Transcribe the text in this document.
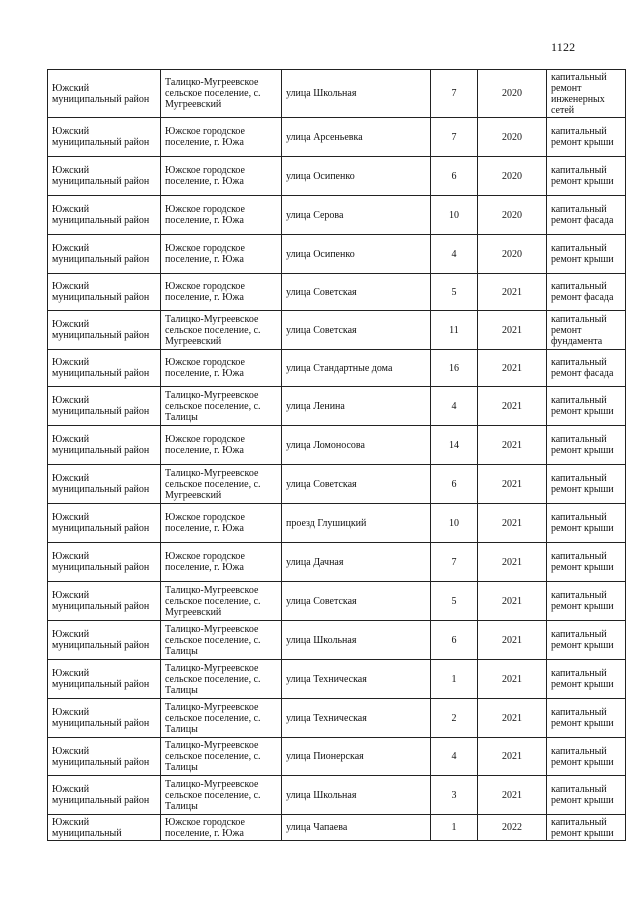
1122
Южский муниципальный район	Талицко-Мугреевское сельское поселение, с. Мугреевский	улица Школьная	7	2020	капитальный ремонт инженерных сетей

Южский муниципальный район	Южское городское поселение, г. Южа	улица Арсеньевка	7	2020	капитальный ремонт крыши

Южский муниципальный район	Южское городское поселение, г. Южа	улица Осипенко	6	2020	капитальный ремонт крыши

Южский муниципальный район	Южское городское поселение, г. Южа	улица Серова	10	2020	капитальный ремонт фасада

Южский муниципальный район	Южское городское поселение, г. Южа	улица Осипенко	4	2020	капитальный ремонт крыши

Южский муниципальный район	Южское городское поселение, г. Южа	улица Советская	5	2021	капитальный ремонт фасада

Южский муниципальный район	Талицко-Мугреевское сельское поселение, с. Мугреевский	улица Советская	11	2021	капитальный ремонт фундамента

Южский муниципальный район	Южское городское поселение, г. Южа	улица Стандартные дома	16	2021	капитальный ремонт фасада

Южский муниципальный район	Талицко-Мугреевское сельское поселение, с. Талицы	улица Ленина	4	2021	капитальный ремонт крыши

Южский муниципальный район	Южское городское поселение, г. Южа	улица Ломоносова	14	2021	капитальный ремонт крыши

Южский муниципальный район	Талицко-Мугреевское сельское поселение, с. Мугреевский	улица Советская	6	2021	капитальный ремонт крыши

Южский муниципальный район	Южское городское поселение, г. Южа	проезд Глушицкий	10	2021	капитальный ремонт крыши

Южский муниципальный район	Южское городское поселение, г. Южа	улица Дачная	7	2021	капитальный ремонт крыши

Южский муниципальный район	Талицко-Мугреевское сельское поселение, с. Мугреевский	улица Советская	5	2021	капитальный ремонт крыши

Южский муниципальный район	Талицко-Мугреевское сельское поселение, с. Талицы	улица Школьная	6	2021	капитальный ремонт крыши

Южский муниципальный район	Талицко-Мугреевское сельское поселение, с. Талицы	улица Техническая	1	2021	капитальный ремонт крыши

Южский муниципальный район	Талицко-Мугреевское сельское поселение, с. Талицы	улица Техническая	2	2021	капитальный ремонт крыши

Южский муниципальный район	Талицко-Мугреевское сельское поселение, с. Талицы	улица Пионерская	4	2021	капитальный ремонт крыши

Южский муниципальный район	Талицко-Мугреевское сельское поселение, с. Талицы	улица Школьная	3	2021	капитальный ремонт крыши

Южский муниципальный	Южское городское поселение, г. Южа	улица Чапаева	1	2022	капитальный ремонт крыши
